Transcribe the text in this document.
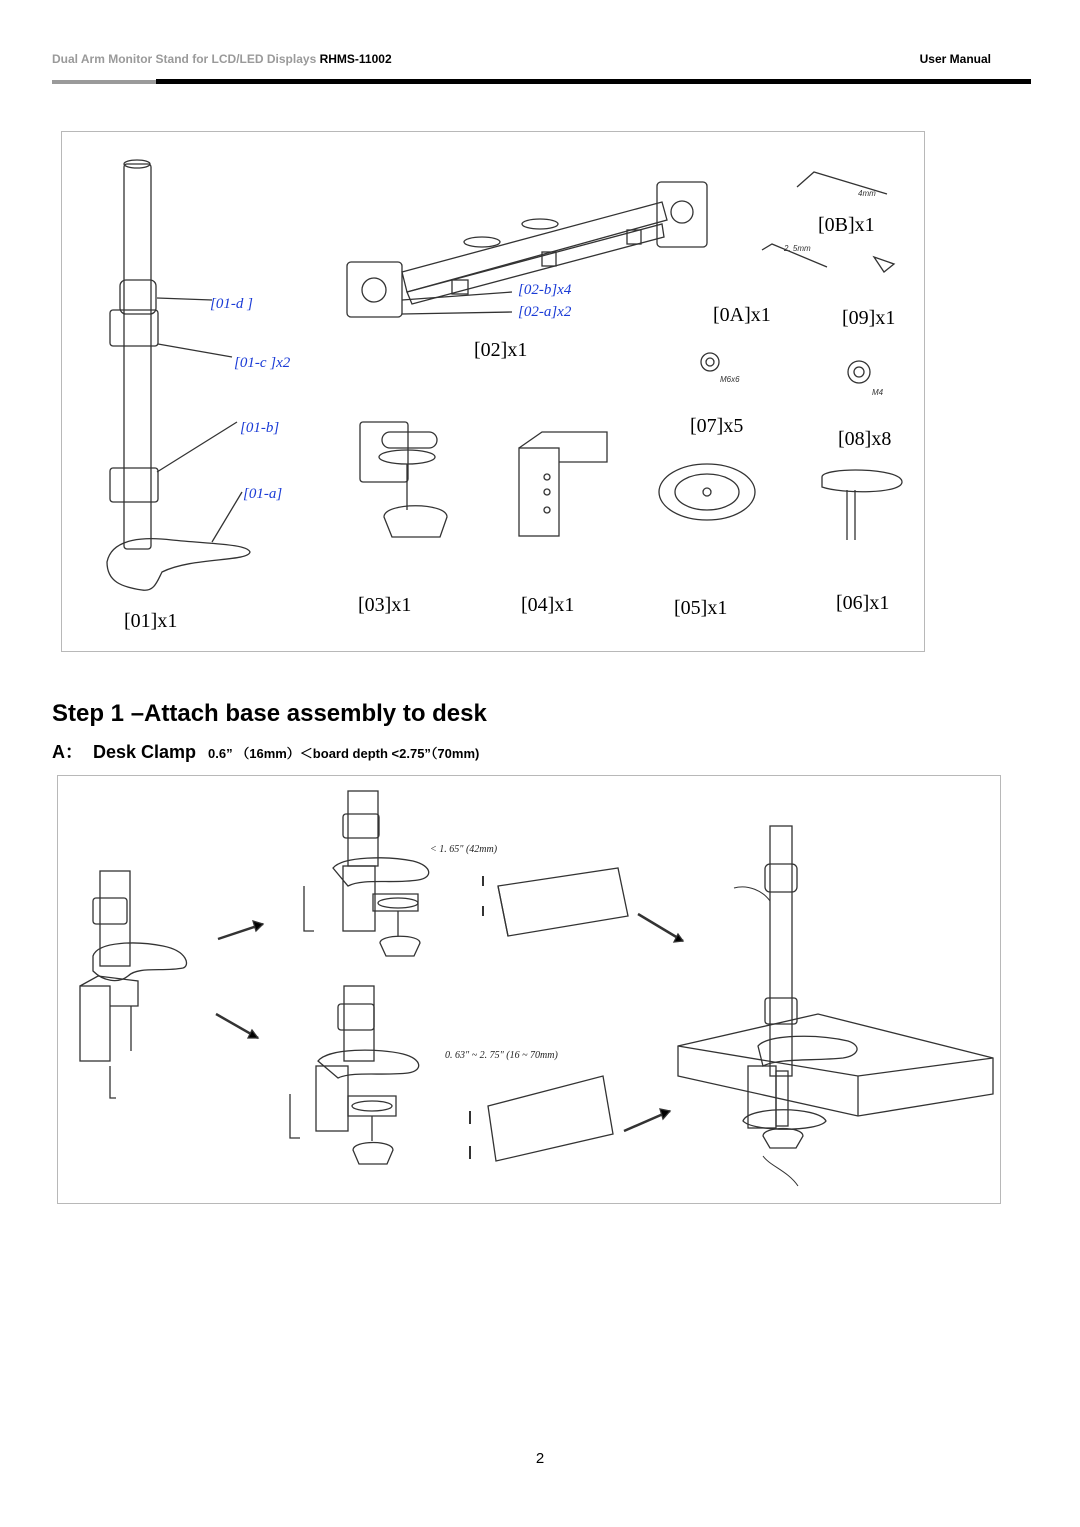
Dual Arm Monitor Stand for LCD/LED Displays RHMS-11002	User Manual
[01]x1
[02]x1
[03]x1	[04]x1	[05]x1	[06]x1
[07]x5
[08]x8
[09]x1
[0A]x1
[0B]x1
[01-d ]
[01-c ]x2
[01-b]
[01-a]
[02-b]x4
[02-a]x2
M6x6
M4
4mm
2. 5mm
Step 1 –Attach base assembly to desk
A： Desk Clamp 0.6” （16mm）＜board depth <2.75”（70mm)
< 1. 65" (42mm)
0. 63" ~ 2. 75" (16 ~ 70mm)
2
